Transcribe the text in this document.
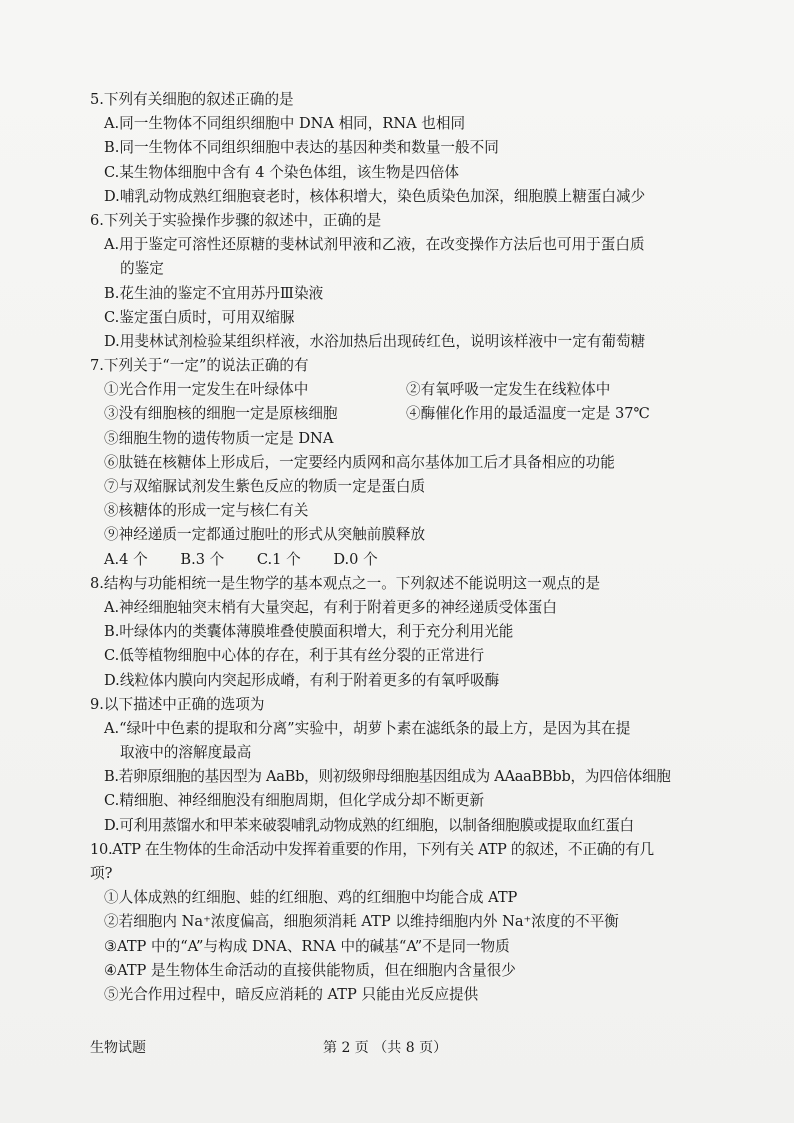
5.下列有关细胞的叙述正确的是
A.同一生物体不同组织细胞中 DNA 相同，RNA 也相同
B.同一生物体不同组织细胞中表达的基因种类和数量一般不同
C.某生物体细胞中含有 4 个染色体组，该生物是四倍体
D.哺乳动物成熟红细胞衰老时，核体积增大，染色质染色加深，细胞膜上糖蛋白减少
6.下列关于实验操作步骤的叙述中，正确的是
A.用于鉴定可溶性还原糖的斐林试剂甲液和乙液，在改变操作方法后也可用于蛋白质
的鉴定
B.花生油的鉴定不宜用苏丹Ⅲ染液
C.鉴定蛋白质时，可用双缩脲
D.用斐林试剂检验某组织样液，水浴加热后出现砖红色，说明该样液中一定有葡萄糖
7.下列关于“一定”的说法正确的有
①光合作用一定发生在叶绿体中	②有氧呼吸一定发生在线粒体中
③没有细胞核的细胞一定是原核细胞	④酶催化作用的最适温度一定是 37℃
⑤细胞生物的遗传物质一定是 DNA
⑥肽链在核糖体上形成后，一定要经内质网和高尔基体加工后才具备相应的功能
⑦与双缩脲试剂发生紫色反应的物质一定是蛋白质
⑧核糖体的形成一定与核仁有关
⑨神经递质一定都通过胞吐的形式从突触前膜释放
A.4 个 B.3 个 C.1 个 D.0 个
8.结构与功能相统一是生物学的基本观点之一。下列叙述不能说明这一观点的是
A.神经细胞轴突末梢有大量突起，有利于附着更多的神经递质受体蛋白
B.叶绿体内的类囊体薄膜堆叠使膜面积增大，利于充分利用光能
C.低等植物细胞中心体的存在，利于其有丝分裂的正常进行
D.线粒体内膜向内突起形成嵴，有利于附着更多的有氧呼吸酶
9.以下描述中正确的选项为
A.“绿叶中色素的提取和分离”实验中，胡萝卜素在滤纸条的最上方，是因为其在提
取液中的溶解度最高
B.若卵原细胞的基因型为 AaBb，则初级卵母细胞基因组成为 AAaaBBbb，为四倍体细胞
C.精细胞、神经细胞没有细胞周期，但化学成分却不断更新
D.可利用蒸馏水和甲苯来破裂哺乳动物成熟的红细胞，以制备细胞膜或提取血红蛋白
10.ATP 在生物体的生命活动中发挥着重要的作用，下列有关 ATP 的叙述，不正确的有几
项?
①人体成熟的红细胞、蛙的红细胞、鸡的红细胞中均能合成 ATP
②若细胞内 Na⁺浓度偏高，细胞须消耗 ATP 以维持细胞内外 Na⁺浓度的不平衡
③ATP 中的“A”与构成 DNA、RNA 中的碱基“A”不是同一物质
④ATP 是生物体生命活动的直接供能物质，但在细胞内含量很少
⑤光合作用过程中，暗反应消耗的 ATP 只能由光反应提供
生物试题	第 2 页 （共 8 页）
